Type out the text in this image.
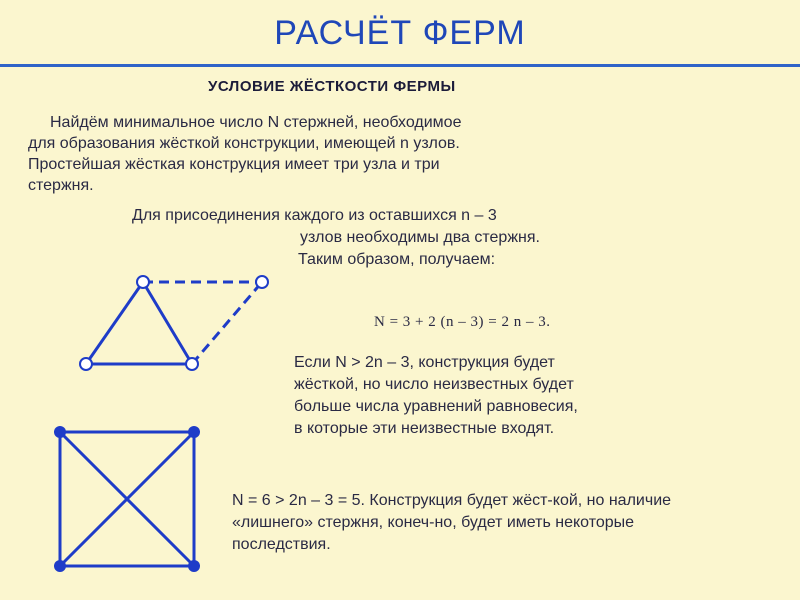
РАСЧЁТ ФЕРМ
УСЛОВИЕ ЖЁСТКОСТИ ФЕРМЫ
Найдём минимальное число N стержней, необходимое
для образования жёсткой конструкции, имеющей n узлов.
Простейшая жёсткая конструкция имеет три узла и три
стержня.
Для присоединения каждого из оставшихся n – 3
узлов необходимы два стержня.
Таким образом, получаем:
N = 3 + 2 (n – 3) = 2 n – 3.
Если N > 2n – 3, конструкция будет
жёсткой, но число неизвестных будет
больше числа уравнений равновесия,
в которые эти неизвестные входят.
N = 6 > 2n – 3 = 5. Конструкция будет жёст-кой, но наличие
«лишнего» стержня, конеч-но, будет иметь некоторые
последствия.
